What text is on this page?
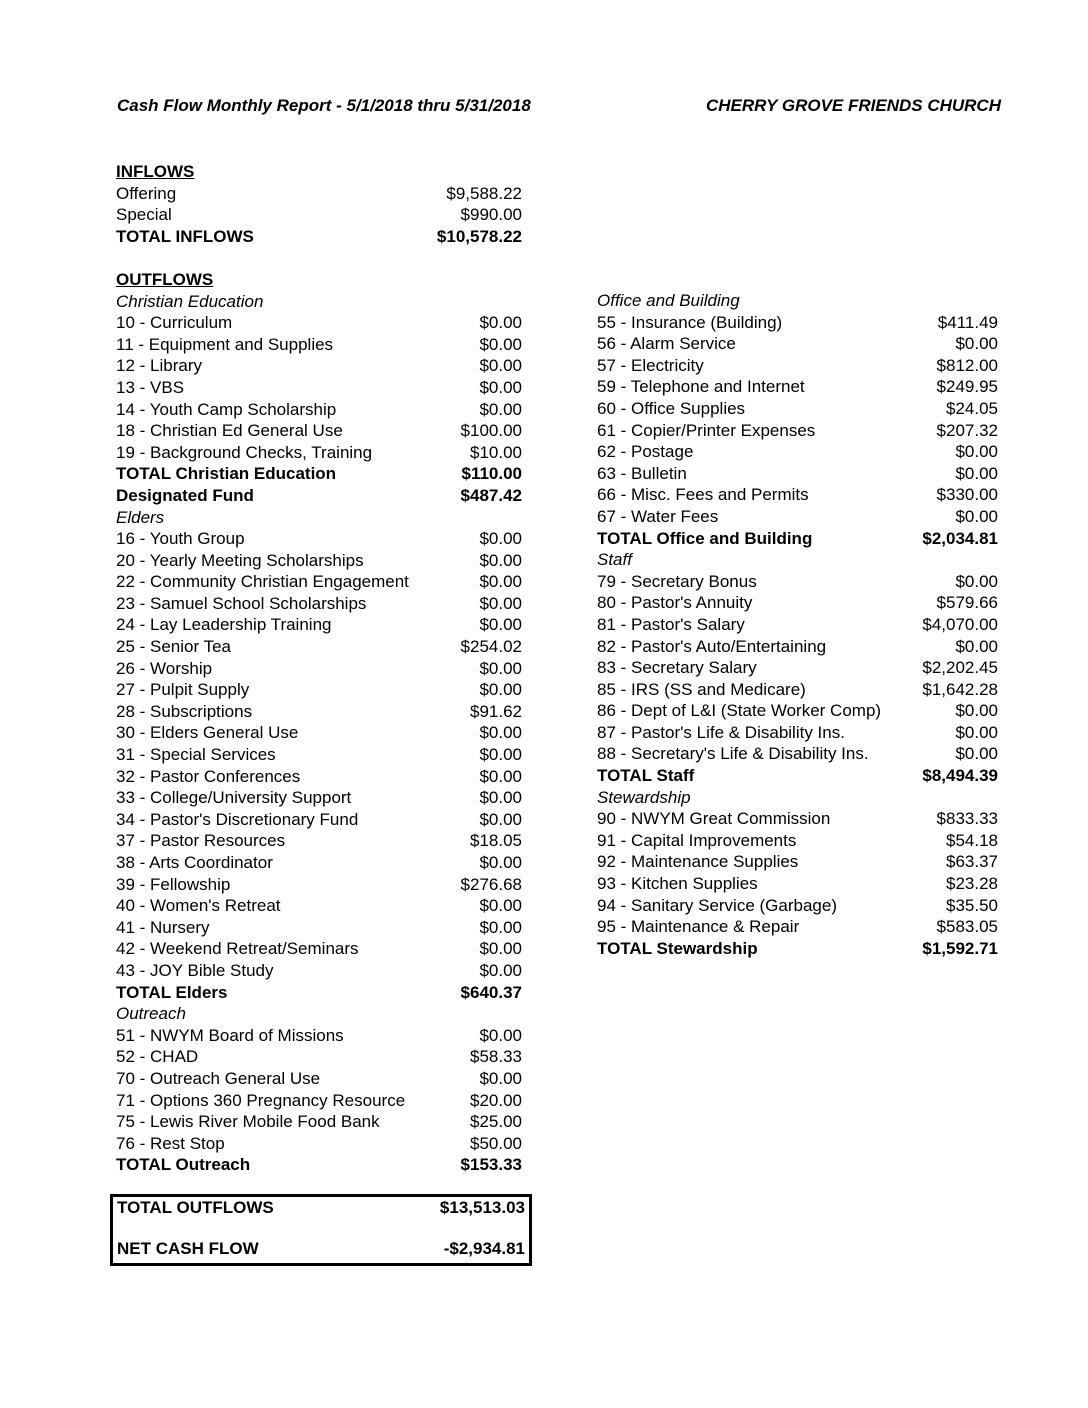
Cash Flow Monthly Report - 5/1/2018 thru 5/31/2018	CHERRY GROVE FRIENDS CHURCH
INFLOWS
Offering	$9,588.22
Special	$990.00
TOTAL INFLOWS	$10,578.22
OUTFLOWS
Christian Education
10 - Curriculum	$0.00
11 - Equipment and Supplies	$0.00
12 - Library	$0.00
13 - VBS	$0.00
14 - Youth Camp Scholarship	$0.00
18 - Christian Ed General Use	$100.00
19 - Background Checks, Training	$10.00
TOTAL Christian Education	$110.00
Designated Fund	$487.42
Elders
16 - Youth Group	$0.00
20 - Yearly Meeting Scholarships	$0.00
22 - Community Christian Engagement	$0.00
23 - Samuel School Scholarships	$0.00
24 - Lay Leadership Training	$0.00
25 - Senior Tea	$254.02
26 - Worship	$0.00
27 - Pulpit Supply	$0.00
28 - Subscriptions	$91.62
30 - Elders General Use	$0.00
31 - Special Services	$0.00
32 - Pastor Conferences	$0.00
33 - College/University Support	$0.00
34 - Pastor's Discretionary Fund	$0.00
37 - Pastor Resources	$18.05
38 - Arts Coordinator	$0.00
39 - Fellowship	$276.68
40 - Women's Retreat	$0.00
41 - Nursery	$0.00
42 - Weekend Retreat/Seminars	$0.00
43 - JOY Bible Study	$0.00
TOTAL Elders	$640.37
Outreach
51 - NWYM Board of Missions	$0.00
52 - CHAD	$58.33
70 - Outreach General Use	$0.00
71 - Options 360 Pregnancy Resource	$20.00
75 - Lewis River Mobile Food Bank	$25.00
76 - Rest Stop	$50.00
TOTAL Outreach	$153.33
Office and Building
55 - Insurance (Building)	$411.49
56 - Alarm Service	$0.00
57 - Electricity	$812.00
59 - Telephone and Internet	$249.95
60 - Office Supplies	$24.05
61 - Copier/Printer Expenses	$207.32
62 - Postage	$0.00
63 - Bulletin	$0.00
66 - Misc. Fees and Permits	$330.00
67 - Water Fees	$0.00
TOTAL Office and Building	$2,034.81
Staff
79 - Secretary Bonus	$0.00
80 - Pastor's Annuity	$579.66
81 - Pastor's Salary	$4,070.00
82 - Pastor's Auto/Entertaining	$0.00
83 - Secretary Salary	$2,202.45
85 - IRS (SS and Medicare)	$1,642.28
86 - Dept of L&I (State Worker Comp)	$0.00
87 - Pastor's Life & Disability Ins.	$0.00
88 - Secretary's Life & Disability Ins.	$0.00
TOTAL Staff	$8,494.39
Stewardship
90 - NWYM Great Commission	$833.33
91 - Capital Improvements	$54.18
92 - Maintenance Supplies	$63.37
93 - Kitchen Supplies	$23.28
94 - Sanitary Service (Garbage)	$35.50
95 - Maintenance & Repair	$583.05
TOTAL Stewardship	$1,592.71
TOTAL OUTFLOWS	$13,513.03
NET CASH FLOW	-$2,934.81
